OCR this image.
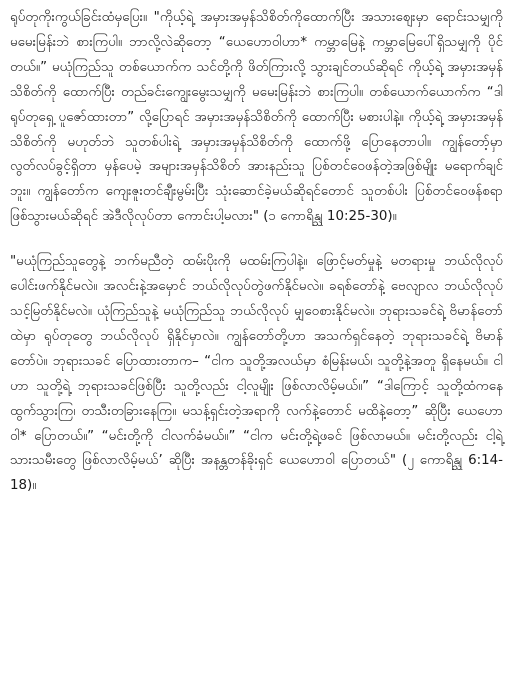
ရုပ်တုကိုးကွယ်ခြင်းထံမှပြေး။ "ကိုယ့်ရဲ့ အမှားအမှန်သိစိတ်ကိုထောက်ပြီး အသားဈေးမှာ ရောင်းသမျှကို မမေးမြန်းဘဲ စားကြပါ။ ဘာလို့လဲဆိုတော့ “ယေဟောဝါဟာ* ကမ္ဘာမြေနဲ့ ကမ္ဘာမြေပေါ်ရှိသမျှကို ပိုင်တယ်။” မယုံကြည်သူ တစ်ယောက်က သင်တို့ကို ဖိတ်ကြားလို့ သွားချင်တယ်ဆိုရင် ကိုယ့်ရဲ့ အမှားအမှန်သိစိတ်ကို ထောက်ပြီး တည်ခင်းကျွေးမွေးသမျှကို မမေးမြန်းဘဲ စားကြပါ။ တစ်ယောက်ယောက်က “ဒါ ရုပ်တုရှေ့ ပူဇော်ထားတာ” လို့ပြောရင် အမှားအမှန်သိစိတ်ကို ထောက်ပြီး မစားပါနဲ့။ ကိုယ့်ရဲ့ အမှားအမှန်သိစိတ်ကို မဟုတ်ဘဲ သူတစ်ပါးရဲ့ အမှားအမှန်သိစိတ်ကို ထောက်ဖို့ ပြောနေတာပါ။ ကျွန်တော့်မှာ လွတ်လပ်ခွင့်ရှိတာ မှန်ပေမဲ့ အများအမှန်သိစိတ် အားနည်းသူ ပြစ်တင်ဝေဖန်တဲ့အဖြစ်မျိုး မရောက်ချင်ဘူး။ ကျွန်တော်က ကျေးဇူးတင်ချီးမွမ်းပြီး သုံးဆောင်ခဲ့မယ်ဆိုရင်တောင် သူတစ်ပါး ပြစ်တင်ဝေဖန်စရာ ဖြစ်သွားမယ်ဆိုရင် အဲဒီလိုလုပ်တာ ကောင်းပါ့မလား" (၁ ကောရိန္သု 10:25-30)။

"မယုံကြည်သူတွေနဲ့ ဘက်မညီတဲ့ ထမ်းပိုးကို မထမ်းကြပါနဲ့။ ဖြောင့်မတ်မှုနဲ့ မတရားမှု ဘယ်လိုလုပ် ပေါင်းဖက်နိုင်မလဲ။ အလင်းနဲ့အမှောင် ဘယ်လိုလုပ်တွဲဖက်နိုင်မလဲ။ ခရစ်တော်နဲ့ ဗေလျာလ ဘယ်လိုလုပ် သင့်မြတ်နိုင်မလဲ။ ယုံကြည်သူနဲ့ မယုံကြည်သူ ဘယ်လိုလုပ် မျှဝေစားနိုင်မလဲ။ ဘုရားသခင်ရဲ့ ဗိမာန်တော်ထဲမှာ ရုပ်တုတွေ ဘယ်လိုလုပ် ရှိနိုင်မှာလဲ။ ကျွန်တော်တို့ဟာ အသက်ရှင်နေတဲ့ ဘုရားသခင်ရဲ့ ဗိမာန်တော်ပဲ။ ဘုရားသခင် ပြောထားတာက– “ငါက သူတို့အလယ်မှာ စံမြန်းမယ်၊ သူတို့နဲ့အတူ ရှိနေမယ်။ ငါဟာ သူတို့ရဲ့ ဘုရားသခင်ဖြစ်ပြီး သူတို့လည်း ငါ့လူမျိုး ဖြစ်လာလိမ့်မယ်။” “ဒါကြောင့် သူတို့ထံကနေ ထွက်သွားကြ၊ တသီးတခြားနေကြ။ မသန့်ရှင်းတဲ့အရာကို လက်နဲ့တောင် မထိနဲ့တော့” ဆိုပြီး ယေဟောဝါ* ပြောတယ်။” “မင်းတို့ကို ငါလက်ခံမယ်။” “ငါက မင်းတို့ရဲ့ဖခင် ဖြစ်လာမယ်။ မင်းတို့လည်း ငါ့ရဲ့ သားသမီးတွေ ဖြစ်လာလိမ့်မယ်’ ဆိုပြီး အနန္တတန်ခိုးရှင် ယေဟောဝါ ပြောတယ်" (၂ ကောရိန္သု 6:14-18)။
